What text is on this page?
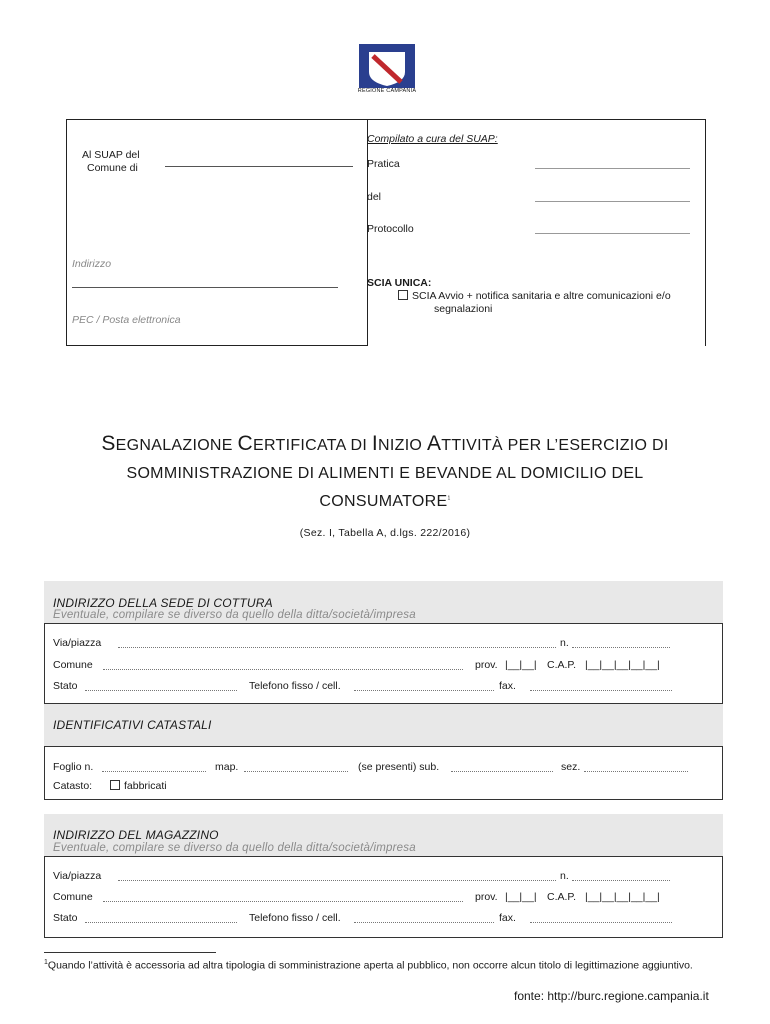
REGIONE CAMPANIA
Al SUAP del
Comune di
Indirizzo
PEC / Posta elettronica
Compilato a cura del SUAP:
Pratica
del
Protocollo
SCIA UNICA:
SCIA Avvio + notifica sanitaria e altre comunicazioni e/o
segnalazioni
SEGNALAZIONE CERTIFICATA DI INIZIO ATTIVITÀ PER L’ESERCIZIO DI
SOMMINISTRAZIONE DI ALIMENTI E BEVANDE AL DOMICILIO DEL
CONSUMATORE$^1$
(Sez. I, Tabella A, d.lgs. 222/2016)
INDIRIZZO DELLA SEDE DI COTTURA
Eventuale, compilare se diverso da quello della ditta/società/impresa
Via/piazza	n.
Comune	prov. |__|__| C.A.P. |__|__|__|__|__|
Stato	Telefono fisso / cell.	fax.
IDENTIFICATIVI CATASTALI
Foglio n.	map.	(se presenti) sub.	sez.
Catasto:	fabbricati
INDIRIZZO DEL MAGAZZINO
Eventuale, compilare se diverso da quello della ditta/società/impresa
Via/piazza	n.
Comune	prov. |__|__| C.A.P. |__|__|__|__|__|
Stato	Telefono fisso / cell.	fax.
$^1$Quando l’attività è accessoria ad altra tipologia di somministrazione aperta al pubblico, non occorre alcun titolo di legittimazione aggiuntivo.
fonte: http://burc.regione.campania.it
